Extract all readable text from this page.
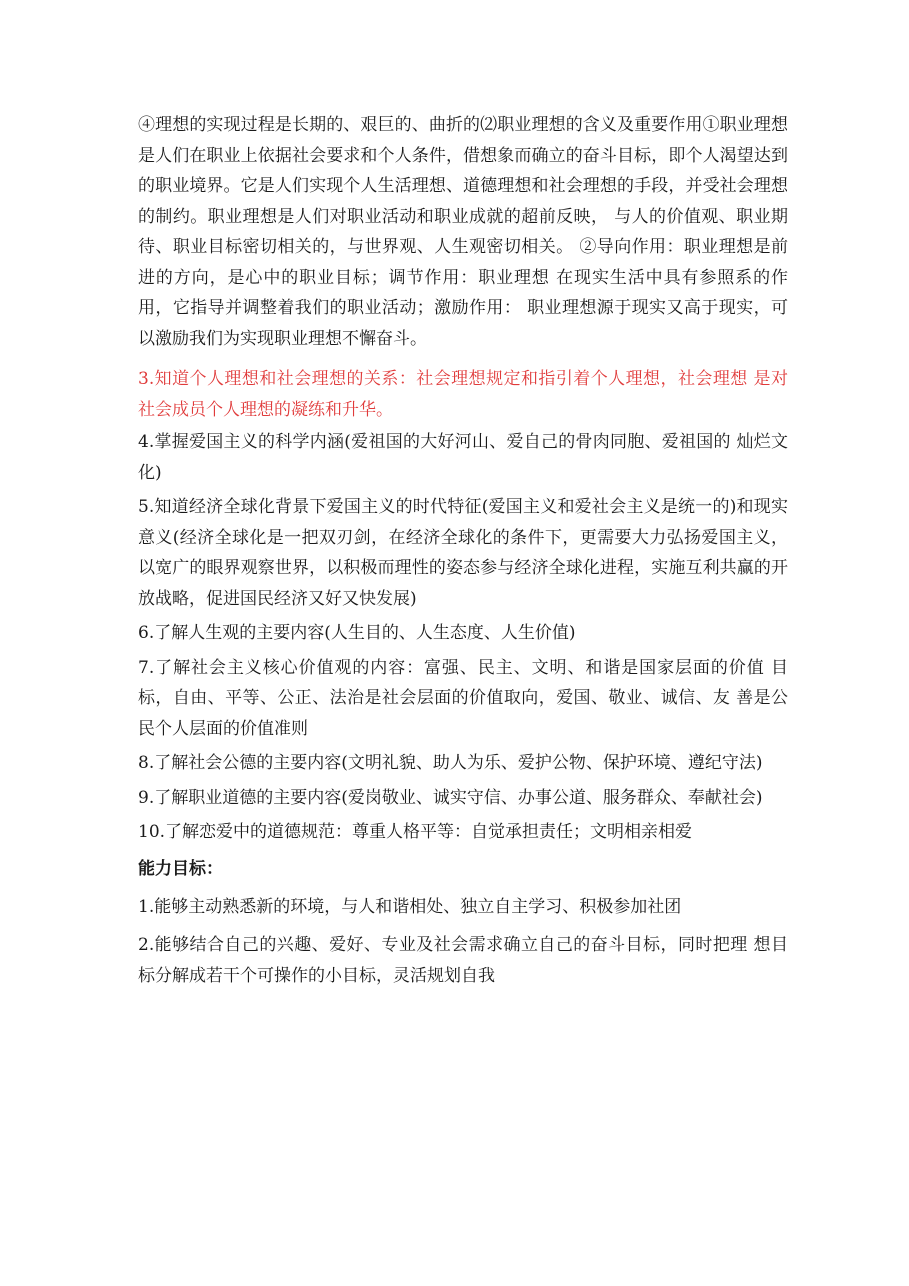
④理想的实现过程是长期的、艰巨的、曲折的⑵职业理想的含义及重要作用①职业理想是人们在职业上依据社会要求和个人条件，借想象而确立的奋斗目标，即个人渴望达到的职业境界。它是人们实现个人生活理想、道德理想和社会理想的手段，并受社会理想的制约。职业理想是人们对职业活动和职业成就的超前反映， 与人的价值观、职业期待、职业目标密切相关的，与世界观、人生观密切相关。 ②导向作用：职业理想是前进的方向，是心中的职业目标；调节作用：职业理想 在现实生活中具有参照系的作用，它指导并调整着我们的职业活动；激励作用： 职业理想源于现实又高于现实，可以激励我们为实现职业理想不懈奋斗。

3.知道个人理想和社会理想的关系：社会理想规定和指引着个人理想，社会理想 是对社会成员个人理想的凝练和升华。

4.掌握爱国主义的科学内涵(爱祖国的大好河山、爱自己的骨肉同胞、爱祖国的 灿烂文化)

5.知道经济全球化背景下爱国主义的时代特征(爱国主义和爱社会主义是统一的)和现实意义(经济全球化是一把双刃剑，在经济全球化的条件下，更需要大力弘扬爱国主义，以宽广的眼界观察世界，以积极而理性的姿态参与经济全球化进程，实施互利共赢的开放战略，促进国民经济又好又快发展)

6.了解人生观的主要内容(人生目的、人生态度、人生价值)

7.了解社会主义核心价值观的内容：富强、民主、文明、和谐是国家层面的价值 目标，自由、平等、公正、法治是社会层面的价值取向，爱国、敬业、诚信、友 善是公民个人层面的价值准则

8.了解社会公德的主要内容(文明礼貌、助人为乐、爱护公物、保护环境、遵纪守法)

9.了解职业道德的主要内容(爱岗敬业、诚实守信、办事公道、服务群众、奉献社会)

10.了解恋爱中的道德规范：尊重人格平等：自觉承担责任；文明相亲相爱

能力目标：

1.能够主动熟悉新的环境，与人和谐相处、独立自主学习、积极参加社团

2.能够结合自己的兴趣、爱好、专业及社会需求确立自己的奋斗目标，同时把理 想目标分解成若干个可操作的小目标，灵活规划自我
